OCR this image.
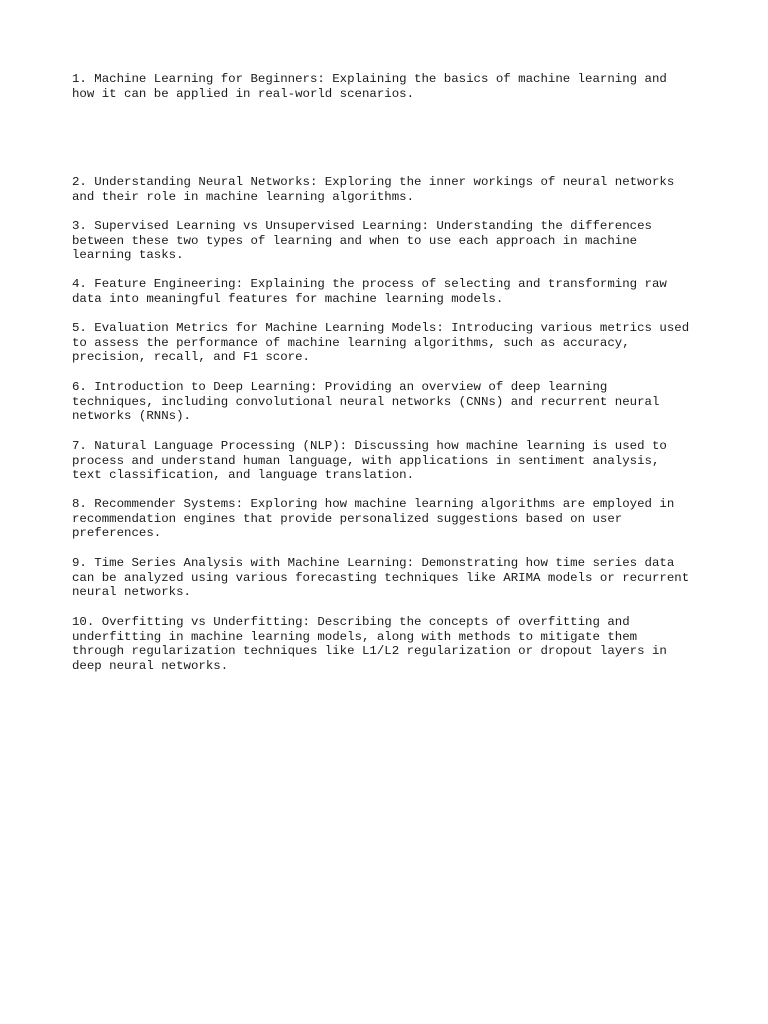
1. Machine Learning for Beginners: Explaining the basics of machine learning and
how it can be applied in real-world scenarios.

2. Understanding Neural Networks: Exploring the inner workings of neural networks
and their role in machine learning algorithms.

3. Supervised Learning vs Unsupervised Learning: Understanding the differences
between these two types of learning and when to use each approach in machine
learning tasks.

4. Feature Engineering: Explaining the process of selecting and transforming raw
data into meaningful features for machine learning models.

5. Evaluation Metrics for Machine Learning Models: Introducing various metrics used
to assess the performance of machine learning algorithms, such as accuracy,
precision, recall, and F1 score.

6. Introduction to Deep Learning: Providing an overview of deep learning
techniques, including convolutional neural networks (CNNs) and recurrent neural
networks (RNNs).

7. Natural Language Processing (NLP): Discussing how machine learning is used to
process and understand human language, with applications in sentiment analysis,
text classification, and language translation.

8. Recommender Systems: Exploring how machine learning algorithms are employed in
recommendation engines that provide personalized suggestions based on user
preferences.

9. Time Series Analysis with Machine Learning: Demonstrating how time series data
can be analyzed using various forecasting techniques like ARIMA models or recurrent
neural networks.

10. Overfitting vs Underfitting: Describing the concepts of overfitting and
underfitting in machine learning models, along with methods to mitigate them
through regularization techniques like L1/L2 regularization or dropout layers in
deep neural networks.
